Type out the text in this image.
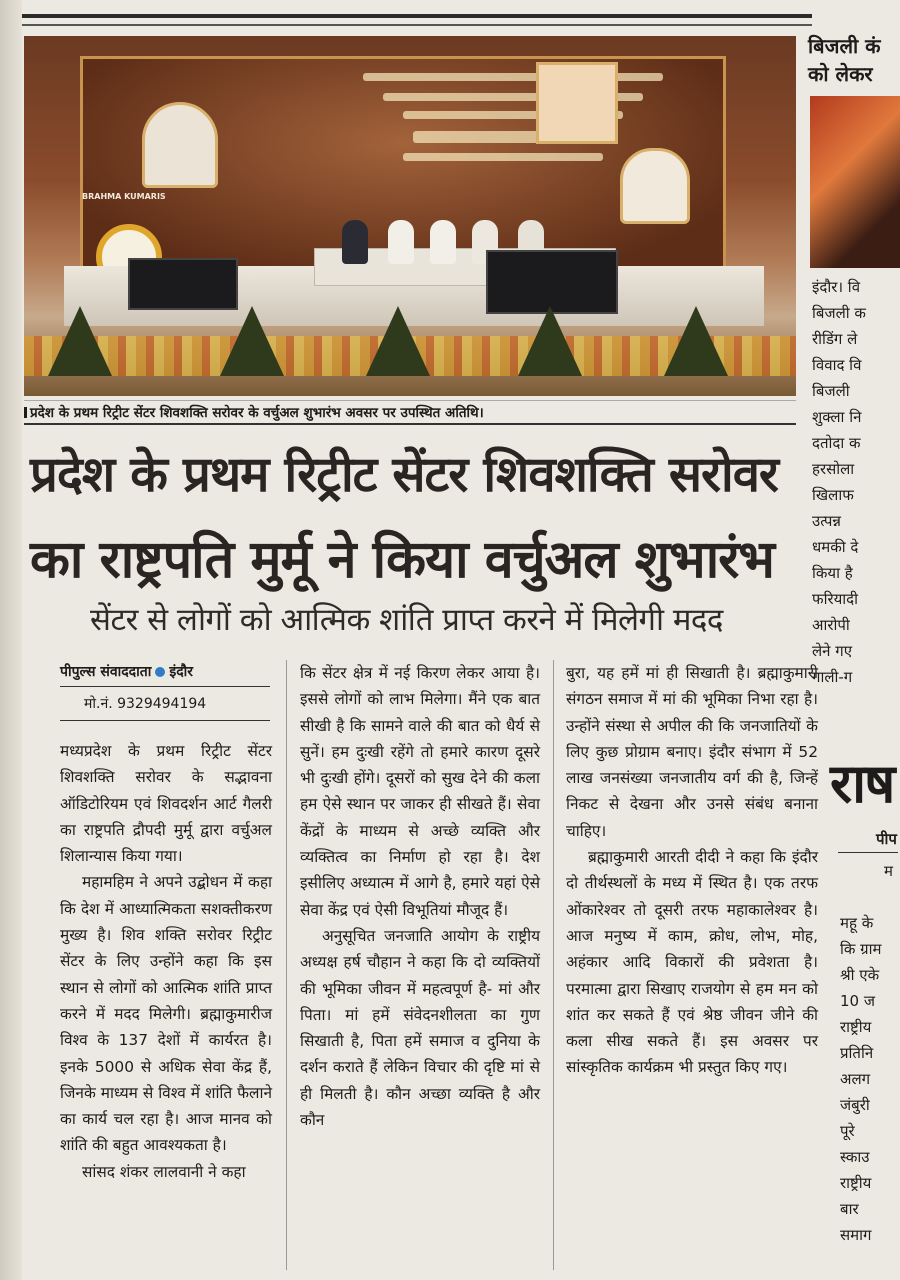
BRAHMA KUMARIS
प्रदेश के प्रथम रिट्रीट सेंटर शिवशक्ति सरोवर के वर्चुअल शुभारंभ अवसर पर उपस्थित अतिथि।
प्रदेश के प्रथम रिट्रीट सेंटर शिवशक्ति सरोवर
का राष्ट्रपति मुर्मू ने किया वर्चुअल शुभारंभ
सेंटर से लोगों को आत्मिक शांति प्राप्त करने में मिलेगी मदद
पीपुल्स संवाददाता इंदौर
मो.नं. 9329494194

मध्यप्रदेश के प्रथम रिट्रीट सेंटर शिवशक्ति सरोवर के सद्भावना ऑडिटोरियम एवं शिवदर्शन आर्ट गैलरी का राष्ट्रपति द्रौपदी मुर्मू द्वारा वर्चुअल शिलान्यास किया गया।

महामहिम ने अपने उद्बोधन में कहा कि देश में आध्यात्मिकता सशक्तीकरण मुख्य है। शिव शक्ति सरोवर रिट्रीट सेंटर के लिए उन्होंने कहा कि इस स्थान से लोगों को आत्मिक शांति प्राप्त करने में मदद मिलेगी। ब्रह्माकुमारीज विश्व के 137 देशों में कार्यरत है। इनके 5000 से अधिक सेवा केंद्र हैं, जिनके माध्यम से विश्व में शांति फैलाने का कार्य चल रहा है। आज मानव को शांति की बहुत आवश्यकता है।

सांसद शंकर लालवानी ने कहा

कि सेंटर क्षेत्र में नई किरण लेकर आया है। इससे लोगों को लाभ मिलेगा। मैंने एक बात सीखी है कि सामने वाले की बात को धैर्य से सुनें। हम दुःखी रहेंगे तो हमारे कारण दूसरे भी दुःखी होंगे। दूसरों को सुख देने की कला हम ऐसे स्थान पर जाकर ही सीखते हैं। सेवा केंद्रों के माध्यम से अच्छे व्यक्ति और व्यक्तित्व का निर्माण हो रहा है। देश इसीलिए अध्यात्म में आगे है, हमारे यहां ऐसे सेवा केंद्र एवं ऐसी विभूतियां मौजूद हैं।

अनुसूचित जनजाति आयोग के राष्ट्रीय अध्यक्ष हर्ष चौहान ने कहा कि दो व्यक्तियों की भूमिका जीवन में महत्वपूर्ण है- मां और पिता। मां हमें संवेदनशीलता का गुण सिखाती है, पिता हमें समाज व दुनिया के दर्शन कराते हैं लेकिन विचार की दृष्टि मां से ही मिलती है। कौन अच्छा व्यक्ति है और कौन

बुरा, यह हमें मां ही सिखाती है। ब्रह्माकुमारी संगठन समाज में मां की भूमिका निभा रहा है। उन्होंने संस्था से अपील की कि जनजातियों के लिए कुछ प्रोग्राम बनाए। इंदौर संभाग में 52 लाख जनसंख्या जनजातीय वर्ग की है, जिन्हें निकट से देखना और उनसे संबंध बनाना चाहिए।

ब्रह्माकुमारी आरती दीदी ने कहा कि इंदौर दो तीर्थस्थलों के मध्य में स्थित है। एक तरफ ओंकारेश्वर तो दूसरी तरफ महाकालेश्वर है। आज मनुष्य में काम, क्रोध, लोभ, मोह, अहंकार आदि विकारों की प्रवेशता है। परमात्मा द्वारा सिखाए राजयोग से हम मन को शांत कर सकते हैं एवं श्रेष्ठ जीवन जीने की कला सीख सकते हैं। इस अवसर पर सांस्कृतिक कार्यक्रम भी प्रस्तुत किए गए।

बिजली कं
को लेकर
इंदौर। वि
बिजली क
रीडिंग ले
विवाद वि
बिजली
शुक्ला नि
दतोदा क
हरसोला
खिलाफ
उत्पन्न
धमकी दे
किया है
फरियादी
आरोपी
लेने गए
गाली-ग
राष
पीप
म
महू के
कि ग्राम
श्री एके
10 ज
राष्ट्रीय
प्रतिनि
अलग
जंबुरी
पूरे
स्काउ
राष्ट्रीय
बार
समाग
